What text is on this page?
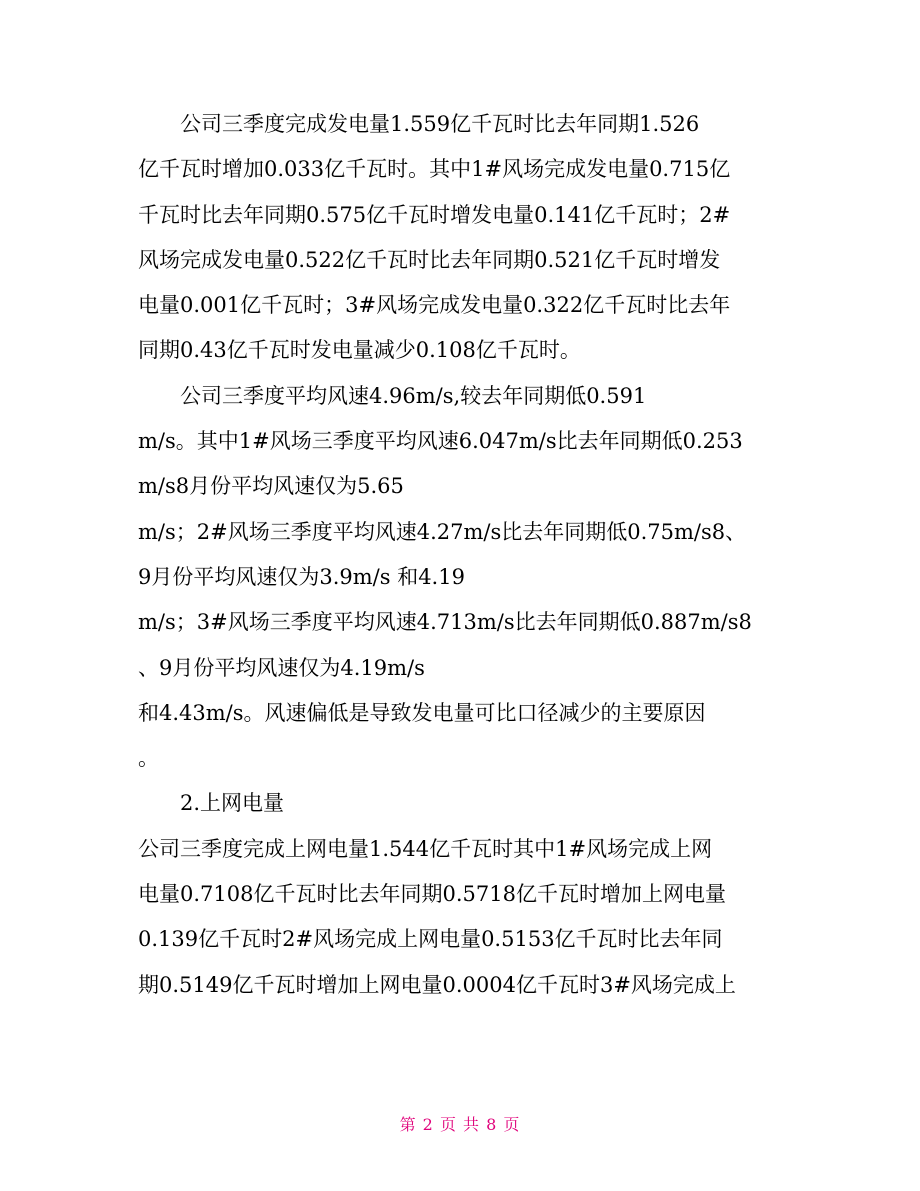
公司三季度完成发电量1.559亿千瓦时比去年同期1.526
亿千瓦时增加0.033亿千瓦时。其中1#风场完成发电量0.715亿
千瓦时比去年同期0.575亿千瓦时增发电量0.141亿千瓦时；2#
风场完成发电量0.522亿千瓦时比去年同期0.521亿千瓦时增发
电量0.001亿千瓦时；3#风场完成发电量0.322亿千瓦时比去年
同期0.43亿千瓦时发电量减少0.108亿千瓦时。
公司三季度平均风速4.96m/s,较去年同期低0.591
m/s。其中1#风场三季度平均风速6.047m/s比去年同期低0.253
m/s8月份平均风速仅为5.65
m/s；2#风场三季度平均风速4.27m/s比去年同期低0.75m/s8、
9月份平均风速仅为3.9m/s 和4.19
m/s；3#风场三季度平均风速4.713m/s比去年同期低0.887m/s8
、9月份平均风速仅为4.19m/s
和4.43m/s。风速偏低是导致发电量可比口径减少的主要原因
。
2.上网电量
公司三季度完成上网电量1.544亿千瓦时其中1#风场完成上网
电量0.7108亿千瓦时比去年同期0.5718亿千瓦时增加上网电量
0.139亿千瓦时2#风场完成上网电量0.5153亿千瓦时比去年同
期0.5149亿千瓦时增加上网电量0.0004亿千瓦时3#风场完成上
第 2 页 共 8 页
